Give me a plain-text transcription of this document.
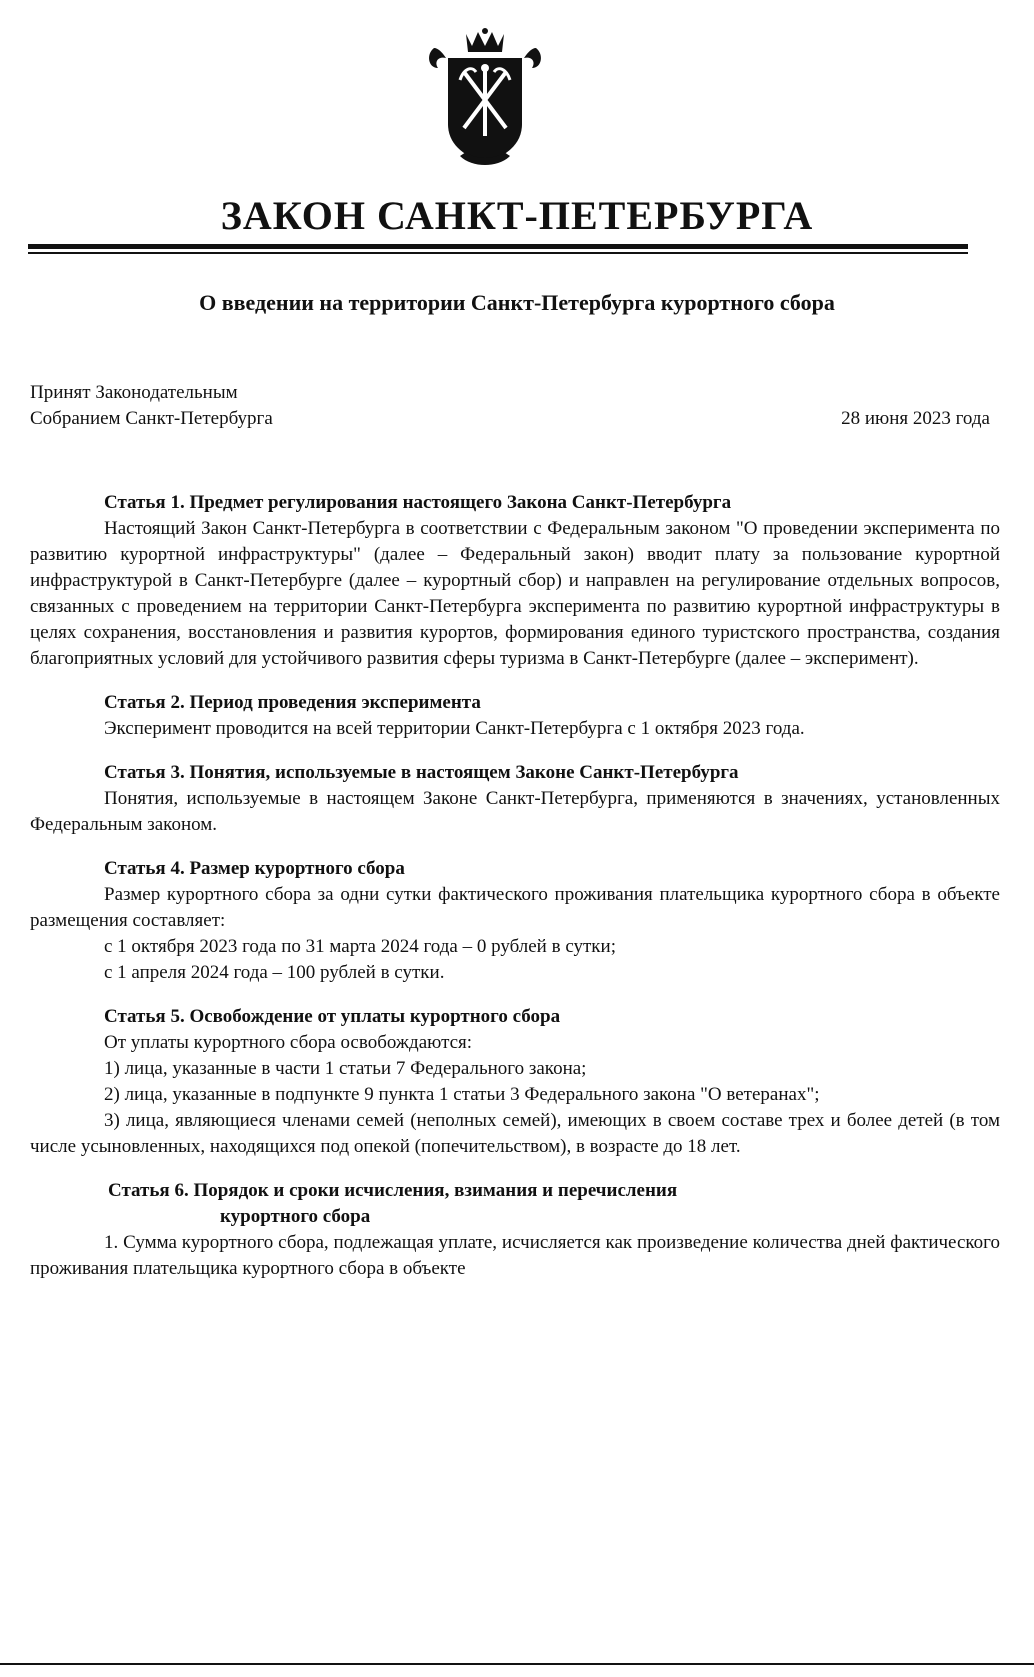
ЗАКОН САНКТ-ПЕТЕРБУРГА
О введении на территории Санкт-Петербурга курортного сбора
Принят Законодательным
Собранием Санкт-Петербурга	28 июня 2023 года

Статья 1. Предмет регулирования настоящего Закона Санкт-Петербурга

Настоящий Закон Санкт-Петербурга в соответствии с Федеральным законом "О проведении эксперимента по развитию курортной инфраструктуры" (далее – Федеральный закон) вводит плату за пользование курортной инфраструктурой в Санкт-Петербурге (далее – курортный сбор) и направлен на регулирование отдельных вопросов, связанных с проведением на территории Санкт-Петербурга эксперимента по развитию курортной инфраструктуры в целях сохранения, восстановления и развития курортов, формирования единого туристского пространства, создания благоприятных условий для устойчивого развития сферы туризма в Санкт-Петербурге (далее – эксперимент).

Статья 2. Период проведения эксперимента

Эксперимент проводится на всей территории Санкт-Петербурга с 1 октября 2023 года.

Статья 3. Понятия, используемые в настоящем Законе Санкт-Петербурга

Понятия, используемые в настоящем Законе Санкт-Петербурга, применяются в значениях, установленных Федеральным законом.

Статья 4. Размер курортного сбора

Размер курортного сбора за одни сутки фактического проживания плательщика курортного сбора в объекте размещения составляет:

с 1 октября 2023 года по 31 марта 2024 года – 0 рублей в сутки;

с 1 апреля 2024 года – 100 рублей в сутки.

Статья 5. Освобождение от уплаты курортного сбора

От уплаты курортного сбора освобождаются:

1) лица, указанные в части 1 статьи 7 Федерального закона;

2) лица, указанные в подпункте 9 пункта 1 статьи 3 Федерального закона "О ветеранах";

3) лица, являющиеся членами семей (неполных семей), имеющих в своем составе трех и более детей (в том числе усыновленных, находящихся под опекой (попечительством), в возрасте до 18 лет.

Статья 6. Порядок и сроки исчисления, взимания и перечисления
курортного сбора

1. Сумма курортного сбора, подлежащая уплате, исчисляется как произведение количества дней фактического проживания плательщика курортного сбора в объекте
